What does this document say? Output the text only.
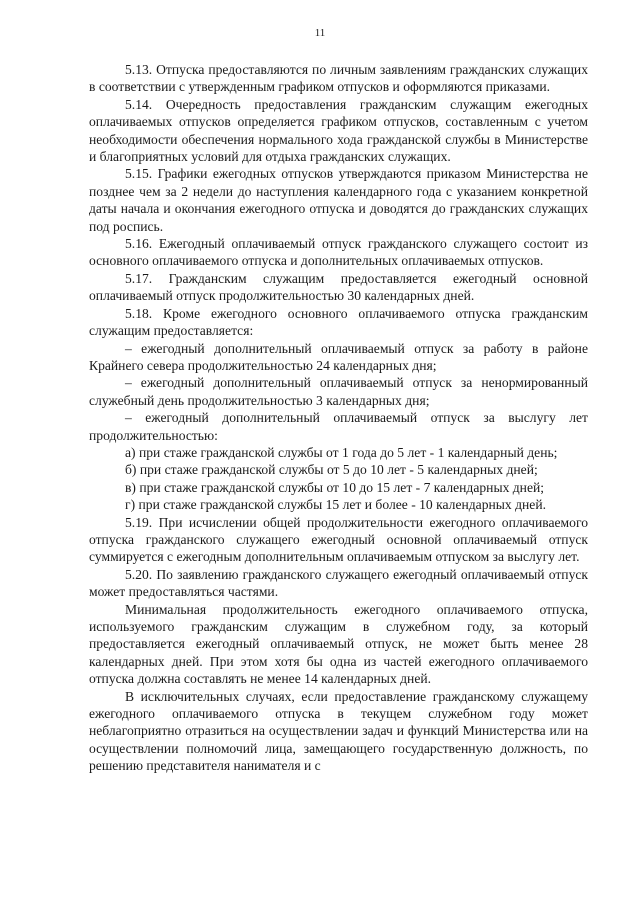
11

5.13. Отпуска предоставляются по личным заявлениям гражданских служащих в соответствии с утвержденным графиком отпусков и оформляются приказами.

5.14. Очередность предоставления гражданским служащим ежегодных оплачиваемых отпусков определяется графиком отпусков, составленным с учетом необходимости обеспечения нормального хода гражданской службы в Министерстве и благоприятных условий для отдыха гражданских служащих.

5.15. Графики ежегодных отпусков утверждаются приказом Министерства не позднее чем за 2 недели до наступления календарного года с указанием конкретной даты начала и окончания ежегодного отпуска и доводятся до гражданских служащих под роспись.

5.16. Ежегодный оплачиваемый отпуск гражданского служащего состоит из основного оплачиваемого отпуска и дополнительных оплачиваемых отпусков.

5.17. Гражданским служащим предоставляется ежегодный основной оплачиваемый отпуск продолжительностью 30 календарных дней.

5.18. Кроме ежегодного основного оплачиваемого отпуска гражданским служащим предоставляется:

– ежегодный дополнительный оплачиваемый отпуск за работу в районе Крайнего севера продолжительностью 24 календарных дня;

– ежегодный дополнительный оплачиваемый отпуск за ненормированный служебный день продолжительностью 3 календарных дня;

– ежегодный дополнительный оплачиваемый отпуск за выслугу лет продолжительностью:

а) при стаже гражданской службы от 1 года до 5 лет - 1 календарный день;

б) при стаже гражданской службы от 5 до 10 лет - 5 календарных дней;

в) при стаже гражданской службы от 10 до 15 лет - 7 календарных дней;

г) при стаже гражданской службы 15 лет и более - 10 календарных дней.

5.19. При исчислении общей продолжительности ежегодного оплачиваемого отпуска гражданского служащего ежегодный основной оплачиваемый отпуск суммируется с ежегодным дополнительным оплачиваемым отпуском за выслугу лет.

5.20. По заявлению гражданского служащего ежегодный оплачиваемый отпуск может предоставляться частями.

Минимальная продолжительность ежегодного оплачиваемого отпуска, используемого гражданским служащим в служебном году, за который предоставляется ежегодный оплачиваемый отпуск, не может быть менее 28 календарных дней. При этом хотя бы одна из частей ежегодного оплачиваемого отпуска должна составлять не менее 14 календарных дней.

В исключительных случаях, если предоставление гражданскому служащему ежегодного оплачиваемого отпуска в текущем служебном году может неблагоприятно отразиться на осуществлении задач и функций Министерства или на осуществлении полномочий лица, замещающего государственную должность, по решению представителя нанимателя и с
